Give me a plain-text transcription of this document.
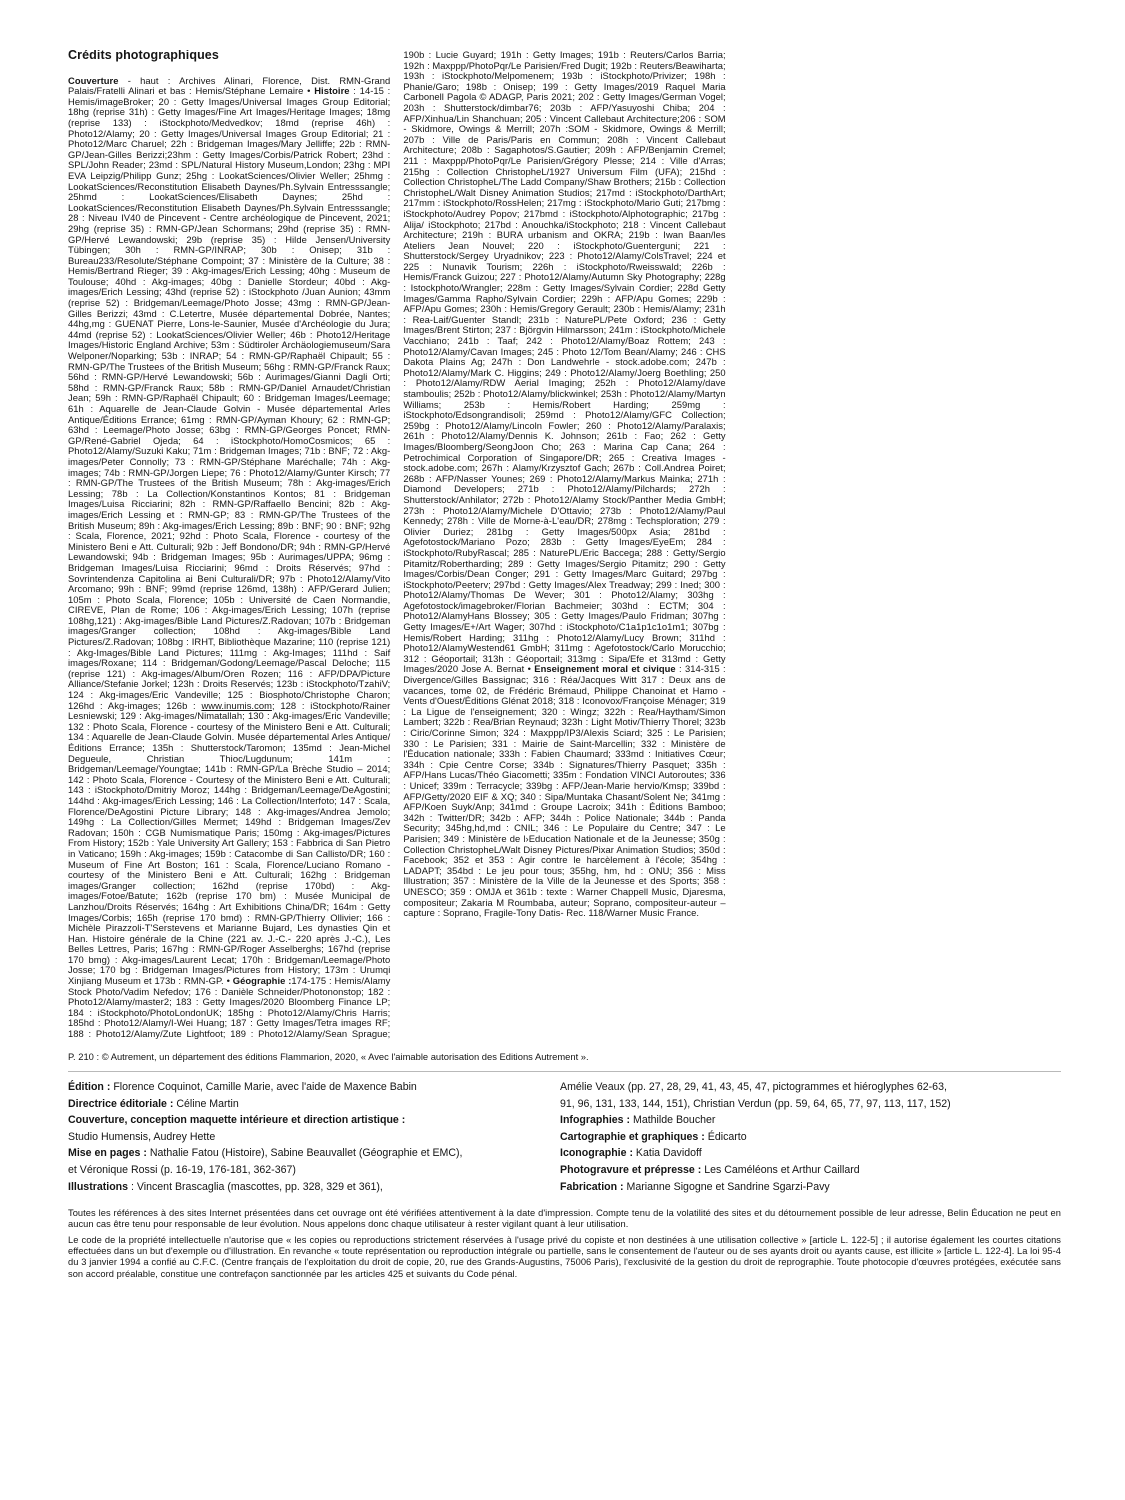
Crédits photographiques
Couverture - haut : Archives Alinari, Florence, Dist. RMN-Grand Palais/Fratelli Alinari et bas : Hemis/Stéphane Lemaire • Histoire : 14-15 : Hemis/imageBroker; 20 : Getty Images/Universal Images Group Editorial; 18hg (reprise 31h) : Getty Images/Fine Art Images/Heritage Images; 18mg (reprise 133) : iStockphoto/Medvedkov; 18md (reprise 46h) : Photo12/Alamy; 20 : Getty Images/Universal Images Group Editorial; 21 : Photo12/Marc Charuel; 22h : Bridgeman Images/Mary Jelliffe; 22b : RMN-GP/Jean-Gilles Berizzi;23hm : Getty Images/Corbis/Patrick Robert; 23hd : SPL/John Reader; 23md : SPL/Natural History Museum,London; 23hg : MPI EVA Leipzig/Philipp Gunz; 25hg : LookatSciences/Olivier Weller; 25hmg : LookatSciences/Reconstitution Elisabeth Daynes/Ph.Sylvain Entresssangle; 25hmd : LookatSciences/Elisabeth Daynes; 25hd : LookatSciences/Reconstitution Elisabeth Daynes/Ph.Sylvain Entresssangle; 28 : Niveau IV40 de Pincevent - Centre archéologique de Pincevent, 2021; 29hg (reprise 35) : RMN-GP/Jean Schormans; 29hd (reprise 35) : RMN-GP/Hervé Lewandowski; 29b (reprise 35) : Hilde Jensen/University Tübingen; 30h : RMN-GP/INRAP; 30b : Onisep; 31b : Bureau233/Resolute/Stéphane Compoint; 37 : Ministère de la Culture; 38 : Hemis/Bertrand Rieger; 39 : Akg-images/Erich Lessing; 40hg : Museum de Toulouse; 40hd : Akg-images; 40bg : Danielle Stordeur; 40bd : Akg-images/Erich Lessing; 43hd (reprise 52) : iStockphoto /Juan Aunion; 43mm (reprise 52) : Bridgeman/Leemage/Photo Josse; 43mg : RMN-GP/Jean-Gilles Berizzi; 43md : C.Letertre, Musée départemental Dobrée, Nantes; 44hg,mg : GUENAT Pierre, Lons-le-Saunier, Musée d'Archéologie du Jura; 44md (reprise 52) : LookatSciences/Olivier Weller; 46b : Photo12/Heritage Images/Historic England Archive; 53m : Südtiroler Archäologiemuseum/Sara Welponer/Noparking; 53b : INRAP; 54 : RMN-GP/Raphaël Chipault; 55 : RMN-GP/The Trustees of the British Museum; 56hg : RMN-GP/Franck Raux; 56hd : RMN-GP/Hervé Lewandowski; 56b : Aurimages/Gianni Dagli Orti; 58hd : RMN-GP/Franck Raux; 58b : RMN-GP/Daniel Arnaudet/Christian Jean; 59h : RMN-GP/Raphaël Chipault; 60 : Bridgeman Images/Leemage; 61h : Aquarelle de Jean-Claude Golvin - Musée départemental Arles Antique/Éditions Errance; 61mg : RMN-GP/Ayman Khoury; 62 : RMN-GP; 63hd : Leemage/Photo Josse; 63bg : RMN-GP/Georges Poncet; RMN-GP/René-Gabriel Ojeda; 64 : iStockphoto/HomoCosmicos; 65 : Photo12/Alamy/Suzuki Kaku; 71m : Bridgeman Images; 71b : BNF; 72 : Akg-images/Peter Connolly; 73 : RMN-GP/Stéphane Maréchalle; 74h : Akg-images; 74b : RMN-GP/Jorgen Liepe; 76 : Photo12/Alamy/Gunter Kirsch; 77 : RMN-GP/The Trustees of the British Museum; 78h : Akg-images/Erich Lessing; 78b : La Collection/Konstantinos Kontos; 81 : Bridgeman Images/Luisa Ricciarini; 82h : RMN-GP/Raffaello Bencini; 82b : Akg-images/Erich Lessing et : RMN-GP; 83 : RMN-GP/The Trustees of the British Museum; 89h : Akg-images/Erich Lessing; 89b : BNF; 90 : BNF; 92hg : Scala, Florence, 2021; 92hd : Photo Scala, Florence - courtesy of the Ministero Beni e Att. Culturali; 92b : Jeff Bondono/DR; 94h : RMN-GP/Hervé Lewandowski; 94b : Bridgeman Images; 95b : Aurimages/UPPA; 96mg : Bridgeman Images/Luisa Ricciarini; 96md : Droits Réservés; 97hd : Sovrintendenza Capitolina ai Beni Culturali/DR; 97b : Photo12/Alamy/Vito Arcomano; 99h : BNF; 99md (reprise 126md, 138h) : AFP/Gerard Julien; 105m : Photo Scala, Florence; 105b : Université de Caen Normandie, CIREVE, Plan de Rome; 106 : Akg-images/Erich Lessing; 107h (reprise 108hg,121) : Akg-images/Bible Land Pictures/Z.Radovan; 107b : Bridgeman images/Granger collection; 108hd : Akg-images/Bible Land Pictures/Z.Radovan; 108bg : IRHT, Bibliothèque Mazarine; 110 (reprise 121) : Akg-Images/Bible Land Pictures; 111mg : Akg-Images; 111hd : Saif images/Roxane; 114 : Bridgeman/Godong/Leemage/Pascal Deloche; 115 (reprise 121) : Akg-images/Album/Oren Rozen; 116 : AFP/DPA/Picture Alliance/Stefanie Jorkel; 123h : Droits Reservés; 123b : iStockphoto/TzahiV; 124 : Akg-images/Eric Vandeville; 125 : Biosphoto/Christophe Charon; 126hd : Akg-images; 126b : www.inumis.com; 128 : iStockphoto/Rainer Lesniewski; 129 : Akg-images/Nimatallah; 130 : Akg-images/Eric Vandeville; 132 : Photo Scala, Florence - courtesy of the Ministero Beni e Att. Culturali; 134 : Aquarelle de Jean-Claude Golvin. Musée départemental Arles Antique/Éditions Errance; 135h : Shutterstock/Taromon; 135md : Jean-Michel Degueule, Christian Thioc/Lugdunum; 141m : Bridgeman/Leemage/Youngtae; 141b : RMN-GP/La Brèche Studio – 2014; 142 : Photo Scala, Florence - Courtesy of the Ministero Beni e Att. Culturali; 143 : iStockphoto/Dmitriy Moroz; 144hg : Bridgeman/Leemage/DeAgostini; 144hd : Akg-images/Erich Lessing; 146 : La Collection/Interfoto; 147 : Scala, Florence/DeAgostini Picture Library; 148 : Akg-images/Andrea Jemolo; 149hg : La Collection/Gilles Mermet; 149hd : Bridgeman Images/Zev Radovan; 150h : CGB Numismatique Paris; 150mg : Akg-images/Pictures From History; 152b : Yale University Art Gallery; 153 : Fabbrica di San Pietro in Vaticano; 159h : Akg-images; 159b : Catacombe di San Callisto/DR; 160 : Museum of Fine Art Boston; 161 : Scala, Florence/Luciano Romano -courtesy of the Ministero Beni e Att. Culturali; 162hg : Bridgeman images/Granger collection; 162hd (reprise 170bd) : Akg-images/Fotoe/Batute; 162b (reprise 170 bm) : Musée Municipal de Lanzhou/Droits Réservés; 164hg : Art Exhibitions China/DR; 164m : Getty Images/Corbis; 165h (reprise 170 bmd) : RMN-GP/Thierry Ollivier; 166 : Michèle Pirazzoli-T'Serstevens et Marianne Bujard, Les dynasties Qin et Han. Histoire générale de la Chine (221 av. J.-C.- 220 après J.-C.), Les Belles Lettres, Paris; 167hg : RMN-GP/Roger Asselberghs; 167hd (reprise 170 bmg) : Akg-images/Laurent Lecat; 170h : Bridgeman/Leemage/Photo Josse; 170 bg : Bridgeman Images/Pictures from History; 173m : Urumqi Xinjiang Museum et 173b : RMN-GP. • Géographie :174-175 : Hemis/Alamy Stock Photo/Vadim Nefedov; 176 : Danièle Schneider/Photononstop; 182 : Photo12/Alamy/master2; 183 : Getty Images/2020 Bloomberg Finance LP; 184 : iStockphoto/PhotoLondonUK; 185hg : Photo12/Alamy/Chris Harris; 185hd : Photo12/Alamy/I-Wei Huang; 187 : Getty Images/Tetra images RF; 188 : Photo12/Alamy/Zute Lightfoot; 189 : Photo12/Alamy/Sean Sprague; 190b : Lucie Guyard; 191h : Getty Images; 191b : Reuters/Carlos Barria; 192h : Maxppp/PhotoPqr/Le Parisien/Fred Dugit; 192b : Reuters/Beawiharta; 193h : iStockphoto/Melpomenem; 193b : iStockphoto/Privizer; 198h : Phanie/Garo; 198b : Onisep; 199 : Getty Images/2019 Raquel Maria Carbonell Pagola © ADAGP, Paris 2021; 202 : Getty Images/German Vogel; 203h : Shutterstock/dimbar76; 203b : AFP/Yasuyoshi Chiba; 204 : AFP/Xinhua/Lin Shanchuan; 205 : Vincent Callebaut Architecture;206 : SOM - Skidmore, Owings & Merrill; 207h :SOM - Skidmore, Owings & Merrill; 207b : Ville de Paris/Paris en Commun; 208h : Vincent Callebaut Architecture; 208b : Sagaphotos/S.Gautier; 209h : AFP/Benjamin Cremel; 211 : Maxppp/PhotoPqr/Le Parisien/Grégory Plesse; 214 : Ville d'Arras; 215hg : Collection ChristopheL/1927 Universum Film (UFA); 215hd : Collection ChristopheL/The Ladd Company/Shaw Brothers; 215b : Collection ChristopheL/Walt Disney Animation Studios; 217md : iStockphoto/DarthArt; 217mm : iStockphoto/RossHelen; 217mg : iStockphoto/Mario Guti; 217bmg : iStockphoto/Audrey Popov; 217bmd : iStockphoto/Alphotographic; 217bg : Alija/ iStockphoto; 217bd : Anouchka/iStockphoto; 218 : Vincent Callebaut Architecture; 219h : BURA urbanism and OKRA; 219b : Iwan Baan/les Ateliers Jean Nouvel; 220 : iStockphoto/Guenterguni; 221 : Shutterstock/Sergey Uryadnikov; 223 : Photo12/Alamy/ColsTravel; 224 et 225 : Nunavik Tourism; 226h : iStockphoto/Rweisswald; 226b : Hemis/Franck Guizou; 227 : Photo12/Alamy/Autumn Sky Photography; 228g : Istockphoto/Wrangler; 228m : Getty Images/Sylvain Cordier; 228d Getty Images/Gamma Rapho/Sylvain Cordier; 229h : AFP/Apu Gomes; 229b : AFP/Apu Gomes; 230h : Hemis/Gregory Gerault; 230b : Hemis/Alamy; 231h : Rea-Laif/Guenter Standl; 231b : NaturePL/Pete Oxford; 236 : Getty Images/Brent Stirton; 237 : Björgvin Hilmarsson; 241m : iStockphoto/Michele Vacchiano; 241b : Taaf; 242 : Photo12/Alamy/Boaz Rottem; 243 : Photo12/Alamy/Cavan Images; 245 : Photo 12/Tom Bean/Alamy; 246 : CHS Dakota Plains Ag; 247h : Don Landwehrle - stock.adobe.com; 247b : Photo12/Alamy/Mark C. Higgins; 249 : Photo12/Alamy/Joerg Boethling; 250 : Photo12/Alamy/RDW Aerial Imaging; 252h : Photo12/Alamy/dave stamboulis; 252b : Photo12/Alamy/blickwinkel; 253h : Photo12/Alamy/Martyn Williams; 253b : Hemis/Robert Harding; 259mg : iStockphoto/Edsongrandisoli; 259md : Photo12/Alamy/GFC Collection; 259bg : Photo12/Alamy/Lincoln Fowler; 260 : Photo12/Alamy/Paralaxis; 261h : Photo12/Alamy/Dennis K. Johnson; 261b : Fao; 262 : Getty Images/Bloomberg/SeongJoon Cho; 263 : Marina Cap Cana; 264 : Petrochimical Corporation of Singapore/DR; 265 : Creativa Images - stock.adobe.com; 267h : Alamy/Krzysztof Gach; 267b : Coll.Andrea Poiret; 268b : AFP/Nasser Younes; 269 : Photo12/Alamy/Markus Mainka; 271h : Diamond Developers; 271b : Photo12/Alamy/Pilchards; 272h : Shutterstock/Anhilator; 272b : Photo12/Alamy Stock/Panther Media GmbH; 273h : Photo12/Alamy/Michele D'Ottavio; 273b : Photo12/Alamy/Paul Kennedy; 278h : Ville de Morne-à-L'eau/DR; 278mg : Techsploration; 279 : Olivier Duriez; 281bg : Getty Images/500px Asia; 281bd : Agefotostock/Mariano Pozo; 283b : Getty Images/EyeEm; 284 : iStockphoto/RubyRascal; 285 : NaturePL/Eric Baccega; 288 : Getty/Sergio Pitamitz/Robertharding; 289 : Getty Images/Sergio Pitamitz; 290 : Getty Images/Corbis/Dean Conger; 291 : Getty Images/Marc Guitard; 297bg : iStockphoto/Peeterv; 297bd : Getty Images/Alex Treadway; 299 : Ined; 300 : Photo12/Alamy/Thomas De Wever; 301 : Photo12/Alamy; 303hg : Agefotostock/imagebroker/Florian Bachmeier; 303hd : ECTM; 304 : Photo12/AlamyHans Blossey; 305 : Getty Images/Paulo Fridman; 307hg : Getty Images/E+/Art Wager; 307hd : iStockphoto/C1a1p1c1o1m1; 307bg : Hemis/Robert Harding; 311hg : Photo12/Alamy/Lucy Brown; 311hd : Photo12/AlamyWestend61 GmbH; 311mg : Agefotostock/Carlo Morucchio; 312 : Géoportail; 313h : Géoportail; 313mg : Sipa/Efe et 313md : Getty Images/2020 Jose A. Bernat • Enseignement moral et civique : 314-315 : Divergence/Gilles Bassignac; 316 : Réa/Jacques Witt 317 : Deux ans de vacances, tome 02, de Frédéric Brémaud, Philippe Chanoinat et Hamo - Vents d'Ouest/Éditions Glénat 2018; 318 : Iconovox/Françoise Ménager; 319 : La Ligue de l'enseignement; 320 : Wingz; 322h : Rea/Haytham/Simon Lambert; 322b : Rea/Brian Reynaud; 323h : Light Motiv/Thierry Thorel; 323b : Ciric/Corinne Simon; 324 : Maxppp/IP3/Alexis Sciard; 325 : Le Parisien; 330 : Le Parisien; 331 : Mairie de Saint-Marcellin; 332 : Ministère de l'Éducation nationale; 333h : Fabien Chaumard; 333md : Initiatives Cœur; 334h : Cpie Centre Corse; 334b : Signatures/Thierry Pasquet; 335h : AFP/Hans Lucas/Théo Giacometti; 335m : Fondation VINCI Autoroutes; 336 : Unicef; 339m : Terracycle; 339bg : AFP/Jean-Marie hervio/Kmsp; 339bd : AFP/Getty/2020 EIF & XQ; 340 : Sipa/Muntaka Chasant/Solent Ne; 341mg : AFP/Koen Suyk/Anp; 341md : Groupe Lacroix; 341h : Éditions Bamboo; 342h : Twitter/DR; 342b : AFP; 344h : Police Nationale; 344b : Panda Security; 345hg,hd,md : CNIL; 346 : Le Populaire du Centre; 347 : Le Parisien; 349 : Ministère de l›Education Nationale et de la Jeunesse; 350g : Collection ChristopheL/Walt Disney Pictures/Pixar Animation Studios; 350d : Facebook; 352 et 353 : Agir contre le harcèlement à l'école; 354hg : LADAPT; 354bd : Le jeu pour tous; 355hg, hm, hd : ONU; 356 : Miss Illustration; 357 : Ministère de la Ville de la Jeunesse et des Sports; 358 : UNESCO; 359 : OMJA et 361b : texte : Warner Chappell Music, Djaresma, compositeur; Zakaria M Roumbaba, auteur; Soprano, compositeur-auteur – capture : Soprano, Fragile-Tony Datis- Rec. 118/Warner Music France.

P. 210 : © Autrement, un département des éditions Flammarion, 2020, « Avec l'aimable autorisation des Editions Autrement ».

Édition : Florence Coquinot, Camille Marie, avec l'aide de Maxence Babin
Directrice éditoriale : Céline Martin
Couverture, conception maquette intérieure et direction artistique :
Studio Humensis, Audrey Hette
Mise en pages : Nathalie Fatou (Histoire), Sabine Beauvallet (Géographie et EMC),
et Véronique Rossi (p. 16-19, 176-181, 362-367)
Illustrations : Vincent Brascaglia (mascottes, pp. 328, 329 et 361),
Amélie Veaux (pp. 27, 28, 29, 41, 43, 45, 47, pictogrammes et hiéroglyphes 62-63,
91, 96, 131, 133, 144, 151), Christian Verdun (pp. 59, 64, 65, 77, 97, 113, 117, 152)
Infographies : Mathilde Boucher
Cartographie et graphiques : Édicarto
Iconographie : Katia Davidoff
Photogravure et prépresse : Les Caméléons et Arthur Caillard
Fabrication : Marianne Sigogne et Sandrine Sgarzi-Pavy

Toutes les références à des sites Internet présentées dans cet ouvrage ont été vérifiées attentivement à la date d'impression. Compte tenu de la volatilité des sites et du détournement possible de leur adresse, Belin Éducation ne peut en aucun cas être tenu pour responsable de leur évolution. Nous appelons donc chaque utilisateur à rester vigilant quant à leur utilisation.

Le code de la propriété intellectuelle n'autorise que « les copies ou reproductions strictement réservées à l'usage privé du copiste et non destinées à une utilisation collective » [article L. 122-5] ; il autorise également les courtes citations effectuées dans un but d'exemple ou d'illustration. En revanche « toute représentation ou reproduction intégrale ou partielle, sans le consentement de l'auteur ou de ses ayants droit ou ayants cause, est illicite » [article L. 122-4]. La loi 95-4 du 3 janvier 1994 a confié au C.F.C. (Centre français de l'exploitation du droit de copie, 20, rue des Grands-Augustins, 75006 Paris), l'exclusivité de la gestion du droit de reprographie. Toute photocopie d'œuvres protégées, exécutée sans son accord préalable, constitue une contrefaçon sanctionnée par les articles 425 et suivants du Code pénal.
